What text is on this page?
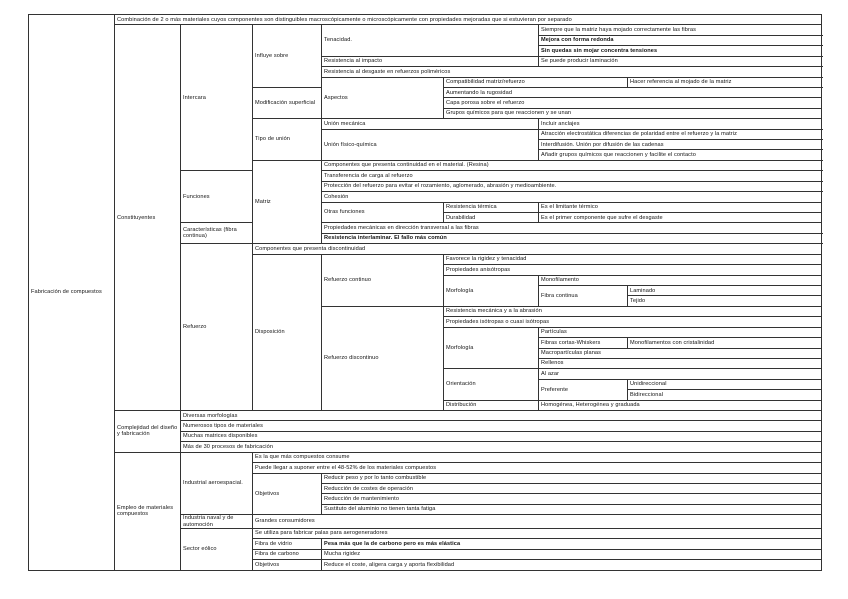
Fabricación de compuestos	Combinación de 2 o más materiales cuyos componentes son distinguibles macroscópicamente o microscópicamente con propiedades mejoradas que si estuvieran por separado						
	Constituyentes	Intercara	Influye sobre	Tenacidad.		Siempre que la matriz haya mojado correctamente las fibras	
						Mejora con forma redonda	
						Sin quedas sin mojar concentra tensiones	
				Resistencia al impacto		Se puede producir laminación	
				Resistencia al desgaste en refuerzos poliméricos			
				Aspectos	Compatibilidad matriz/refuerzo		Hacer referencia al mojado de la matriz
			Modificación superficial		Aumentando la rugosidad		
					Capa porosa sobre el refuerzo		
					Grupos químicos para que reaccionen y se unan		
			Tipo de unión	Unión mecánica		Incluir anclajes	
				Unión físico-química		Atracción electrostática diferencias de polaridad entre el refuerzo y la matriz	
						Interdifusión. Unión por difusión de las cadenas	
						Añadir grupos químicos que reaccionen y facilite el contacto	
			Matriz	Componentes que presenta continuidad en el material. (Resina)			
		Funciones		Transferencia de carga al refuerzo			
				Protección del refuerzo para evitar el rozamiento, aglomerado, abrasión y medioambiente.			
				Cohesión			
				Otras funciones	Resistencia térmica	Es el limitante térmico	
					Durabilidad	Es el primer componente que sufre el desgaste	
		Características (fibra continua)		Propiedades mecánicas en dirección transversal a las fibras			
				Resistencia interlaminar. El fallo más común			
		Refuerzo	Componentes que presenta discontinuidad				
			Disposición	Refuerzo continuo	Favorece la rigidez y tenacidad		
					Propiedades anisótropas		
					Morfología	Monofilamento	
						Fibra continua	Laminado
							Tejido
				Refuerzo discontinuo	Resistencia mecánica y a la abrasión		
					Propiedades isótropas o cuasi isótropas		
					Morfología	Partículas	
						Fibras cortas-Whiskers	Monofilamentos con cristalinidad
						Macropartículas planas	
						Rellenos	
					Orientación	Al azar	
						Preferente	Unidireccional
							Bidireccional
					Distribución	Homogénea, Heterogénea y graduada	
	Complejidad del diseño y fabricación	Diversas morfologías					
		Numerosos tipos de materiales					
		Muchas matrices disponibles					
		Más de 30 procesos de fabricación					
	Empleo de materiales compuestos	Industrial aeroespacial.	Es la que más compuestos consume				
			Puede llegar a suponer entre el 48-52% de los materiales compuestos				
			Objetivos	Reducir peso y por lo tanto combustible			
				Reducción de costes de operación			
				Reducción de mantenimiento			
				Sustituto del aluminio no tienen tanta fatiga			
		Industria naval y de automoción	Grandes consumidores				

		Sector eólico	Se utiliza para fabricar palas para aerogeneradores				
			Fibra de vidrio	Pesa más que la de carbono pero es más elástica			
			Fibra de carbono	Mucha rigidez			
			Objetivos	Reduce el coste, aligera carga y aporta flexibilidad			
